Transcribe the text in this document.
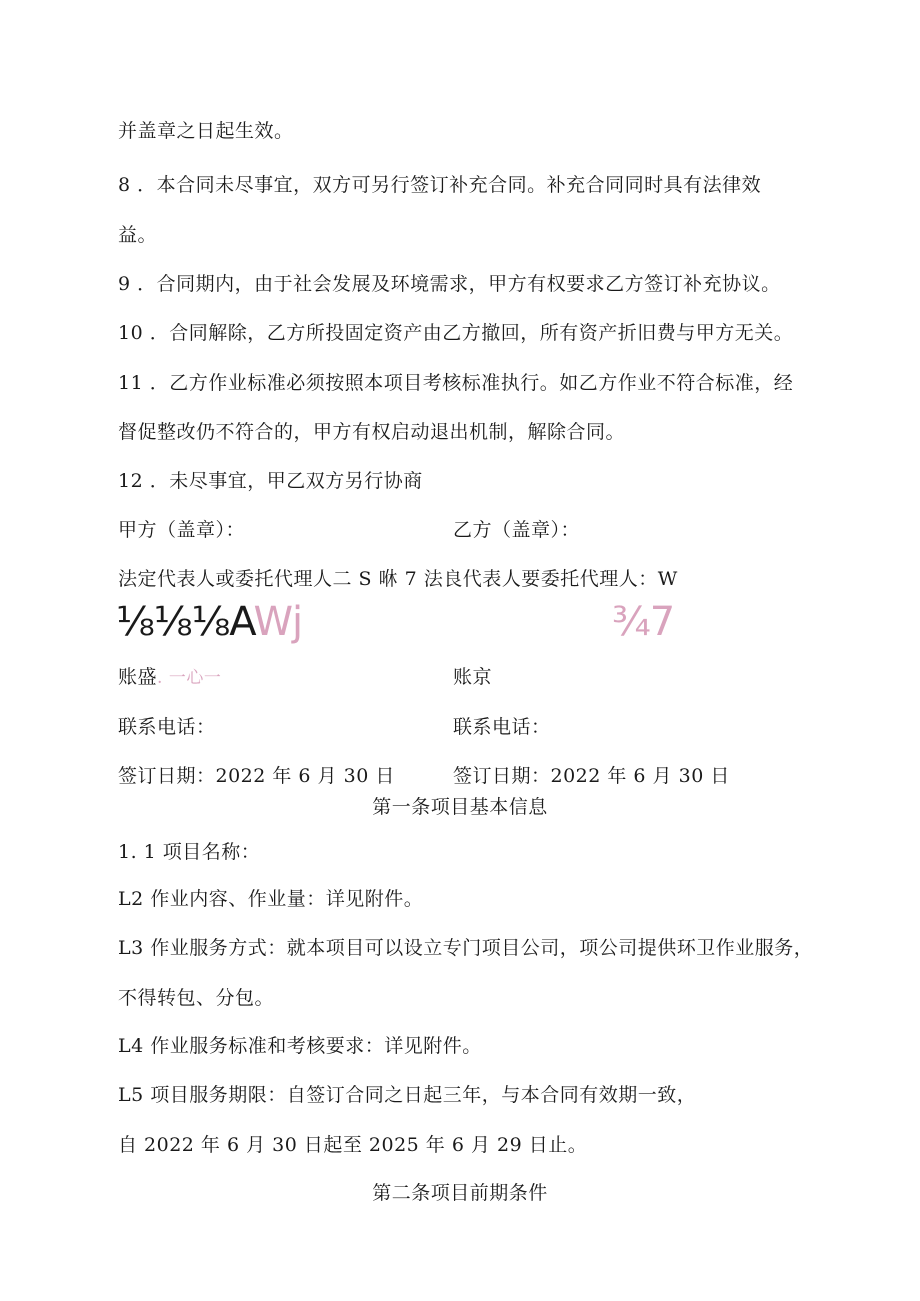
并盖章之日起生效。
8 ．本合同未尽事宜，双方可另行签订补充合同。补充合同同时具有法律效
益。
9 ．合同期内，由于社会发展及环境需求，甲方有权要求乙方签订补充协议。
10 ．合同解除，乙方所投固定资产由乙方撤回，所有资产折旧费与甲方无关。
11 ．乙方作业标准必须按照本项目考核标准执行。如乙方作业不符合标准，经
督促整改仍不符合的，甲方有权启动退出机制，解除合同。
12 ．未尽事宜，甲乙双方另行协商
甲方（盖章）：	乙方（盖章）：
法定代表人或委托代理人二 S 咻 7 法良代表人要委托代理人：W
⅛⅛⅛AWj	¾7
账盛. 一心一	账京
联系电话：	联系电话：
签订日期：2022 年 6 月 30 日	签订日期：2022 年 6 月 30 日
第一条项目基本信息
1. 1 项目名称：
L2 作业内容、作业量：详见附件。
L3 作业服务方式：就本项目可以设立专门项目公司，项公司提供环卫作业服务，
不得转包、分包。
L4 作业服务标准和考核要求：详见附件。
L5 项目服务期限：自签订合同之日起三年，与本合同有效期一致，
自 2022 年 6 月 30 日起至 2025 年 6 月 29 日止。
第二条项目前期条件
